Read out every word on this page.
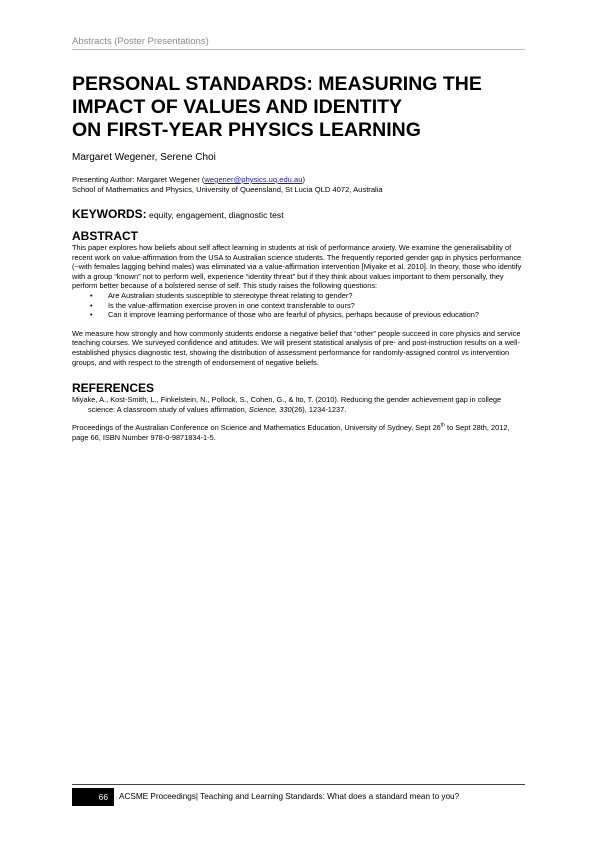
Abstracts (Poster Presentations)
PERSONAL STANDARDS: MEASURING THE
IMPACT OF VALUES AND IDENTITY
ON FIRST-YEAR PHYSICS LEARNING
Margaret Wegener, Serene Choi
Presenting Author: Margaret Wegener (wegener@physics.uq.edu.au)
School of Mathematics and Physics, University of Queensland, St Lucia QLD 4072, Australia
KEYWORDS: equity, engagement, diagnostic test
ABSTRACT

This paper explores how beliefs about self affect learning in students at risk of performance anxiety. We examine the generalisability of recent work on value-affirmation from the USA to Australian science students. The frequently reported gender gap in physics performance (~with females lagging behind males) was eliminated via a value-affirmation intervention [Miyake et al. 2010]. In theory, those who identify with a group “known” not to perform well, experience “identity threat” but if they think about values important to them personally, they perform better because of a bolstered sense of self. This study raises the following questions:

• Are Australian students susceptible to stereotype threat relating to gender?
• Is the value-affirmation exercise proven in one context transferable to ours?
• Can it improve learning performance of those who are fearful of physics, perhaps because of previous education?

We measure how strongly and how commonly students endorse a negative belief that “other” people succeed in core physics and service teaching courses. We surveyed confidence and attitudes. We will present statistical analysis of pre- and post-instruction results on a well-established physics diagnostic test, showing the distribution of assessment performance for randomly-assigned control vs intervention groups, and with respect to the strength of endorsement of negative beliefs.

REFERENCES

Miyake, A., Kost-Smith, L., Finkelstein, N., Pollock, S., Cohen, G., & Ito, T. (2010). Reducing the gender achievement gap in college science: A classroom study of values affirmation, Science, 330(26), 1234-1237.

Proceedings of the Australian Conference on Science and Mathematics Education, University of Sydney, Sept 26th to Sept 28th, 2012, page 66, ISBN Number 978-0-9871834-1-5.

66 ACSME Proceedings| Teaching and Learning Standards: What does a standard mean to you?
